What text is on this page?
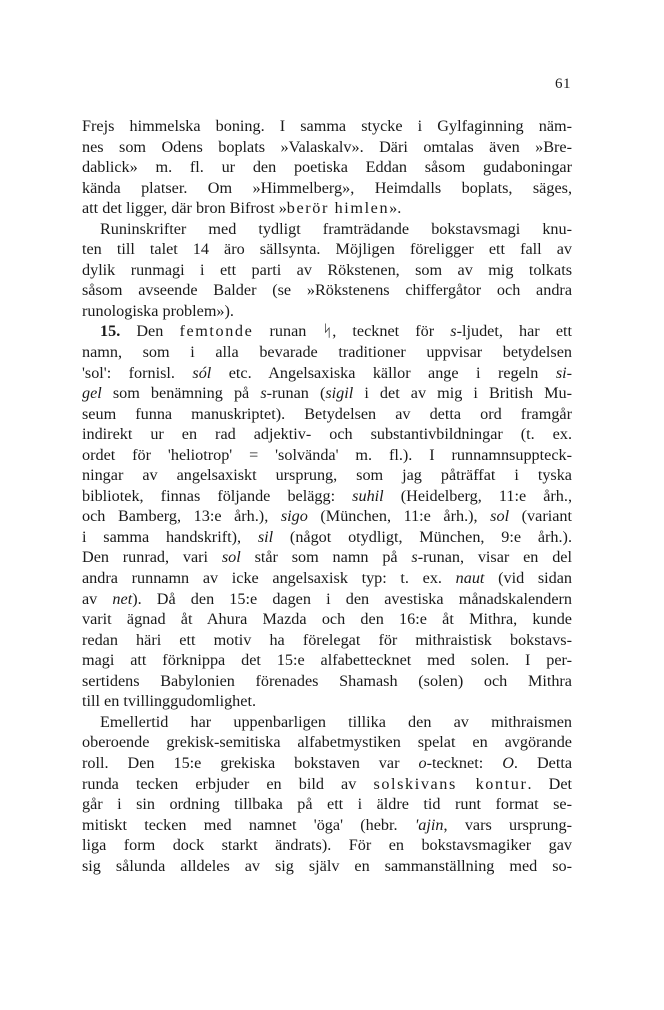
61
Frejs himmelska boning. I samma stycke i Gylfaginning näm-
nes som Odens boplats »Valaskalv». Däri omtalas även »Bre-
dablick» m. fl. ur den poetiska Eddan såsom gudaboningar
kända platser. Om »Himmelberg», Heimdalls boplats, säges,
att det ligger, där bron Bifrost »berör himlen».
Runinskrifter med tydligt framträdande bokstavsmagi knu-
ten till talet 14 äro sällsynta. Möjligen föreligger ett fall av
dylik runmagi i ett parti av Rökstenen, som av mig tolkats
såsom avseende Balder (se »Rökstenens chiffergåtor och andra
runologiska problem»).
15. Den femtonde runan ᛋ, tecknet för s-ljudet, har ett
namn, som i alla bevarade traditioner uppvisar betydelsen
'sol': fornisl. sól etc. Angelsaxiska källor ange i regeln si-
gel som benämning på s-runan (sigil i det av mig i British Mu-
seum funna manuskriptet). Betydelsen av detta ord framgår
indirekt ur en rad adjektiv- och substantivbildningar (t. ex.
ordet för 'heliotrop' = 'solvända' m. fl.). I runnamnsuppteck-
ningar av angelsaxiskt ursprung, som jag påträffat i tyska
bibliotek, finnas följande belägg: suhil (Heidelberg, 11:e årh.,
och Bamberg, 13:e årh.), sigo (München, 11:e årh.), sol (variant
i samma handskrift), sil (något otydligt, München, 9:e årh.).
Den runrad, vari sol står som namn på s-runan, visar en del
andra runnamn av icke angelsaxisk typ: t. ex. naut (vid sidan
av net). Då den 15:e dagen i den avestiska månadskalendern
varit ägnad åt Ahura Mazda och den 16:e åt Mithra, kunde
redan häri ett motiv ha förelegat för mithraistisk bokstavs-
magi att förknippa det 15:e alfabettecknet med solen. I per-
sertidens Babylonien förenades Shamash (solen) och Mithra
till en tvillinggudomlighet.
Emellertid har uppenbarligen tillika den av mithraismen
oberoende grekisk-semitiska alfabetmystiken spelat en avgörande
roll. Den 15:e grekiska bokstaven var o-tecknet: O. Detta
runda tecken erbjuder en bild av solskivans kontur. Det
går i sin ordning tillbaka på ett i äldre tid runt format se-
mitiskt tecken med namnet 'öga' (hebr. 'ajin, vars ursprung-
liga form dock starkt ändrats). För en bokstavsmagiker gav
sig sålunda alldeles av sig själv en sammanställning med so-
